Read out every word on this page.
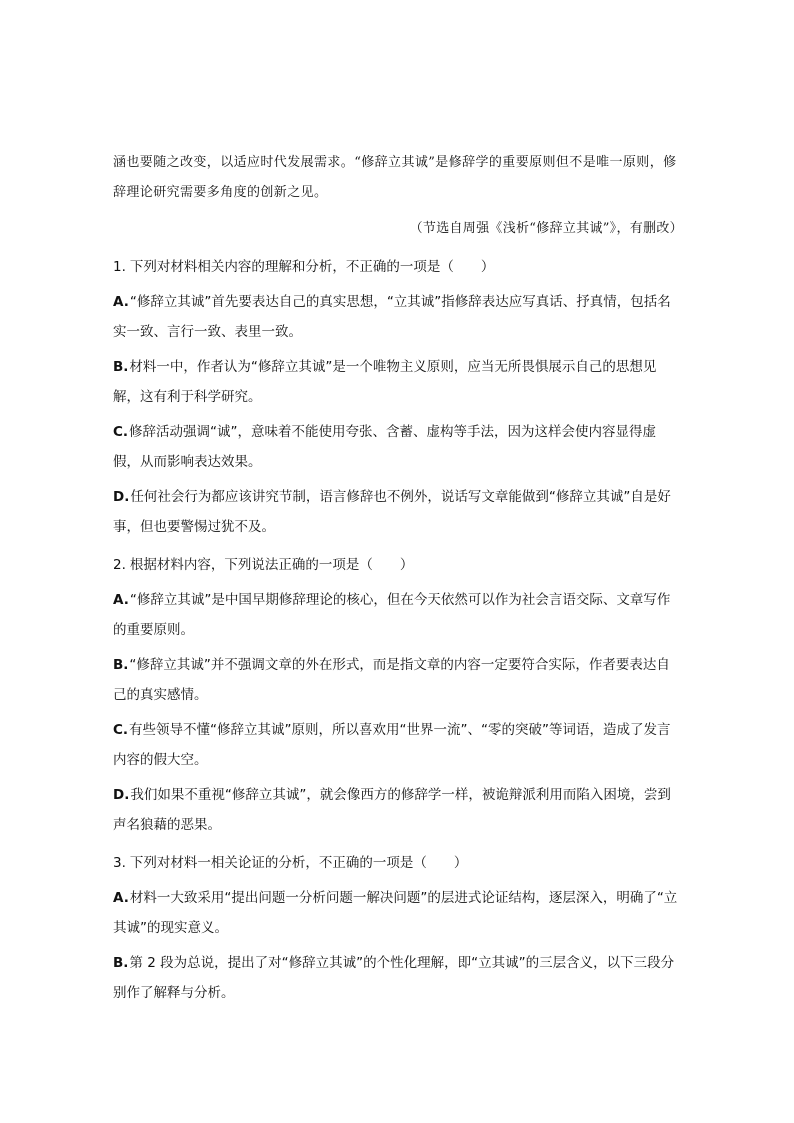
涵也要随之改变，以适应时代发展需求。“修辞立其诚”是修辞学的重要原则但不是唯一原则，修辞理论研究需要多角度的创新之见。

（节选自周强《浅析“修辞立其诚”》，有删改）

1. 下列对材料相关内容的理解和分析，不正确的一项是（　　）

A.“修辞立其诚”首先要表达自己的真实思想，“立其诚”指修辞表达应写真话、抒真情，包括名实一致、言行一致、表里一致。

B.材料一中，作者认为“修辞立其诚”是一个唯物主义原则，应当无所畏惧展示自己的思想见解，这有利于科学研究。

C.修辞活动强调“诚”，意味着不能使用夸张、含蓄、虚构等手法，因为这样会使内容显得虚假，从而影响表达效果。

D.任何社会行为都应该讲究节制，语言修辞也不例外，说话写文章能做到“修辞立其诚”自是好事，但也要警惕过犹不及。

2. 根据材料内容，下列说法正确的一项是（　　）

A.“修辞立其诚”是中国早期修辞理论的核心，但在今天依然可以作为社会言语交际、文章写作的重要原则。

B.“修辞立其诚”并不强调文章的外在形式，而是指文章的内容一定要符合实际，作者要表达自己的真实感情。

C.有些领导不懂“修辞立其诚”原则，所以喜欢用“世界一流”、“零的突破”等词语，造成了发言内容的假大空。

D.我们如果不重视“修辞立其诚”，就会像西方的修辞学一样，被诡辩派利用而陷入困境，尝到声名狼藉的恶果。

3. 下列对材料一相关论证的分析，不正确的一项是（　　）

A.材料一大致采用“提出问题一分析问题一解决问题”的层进式论证结构，逐层深入，明确了“立其诚”的现实意义。

B.第 2 段为总说，提出了对“修辞立其诚”的个性化理解，即“立其诚”的三层含义，以下三段分别作了解释与分析。
